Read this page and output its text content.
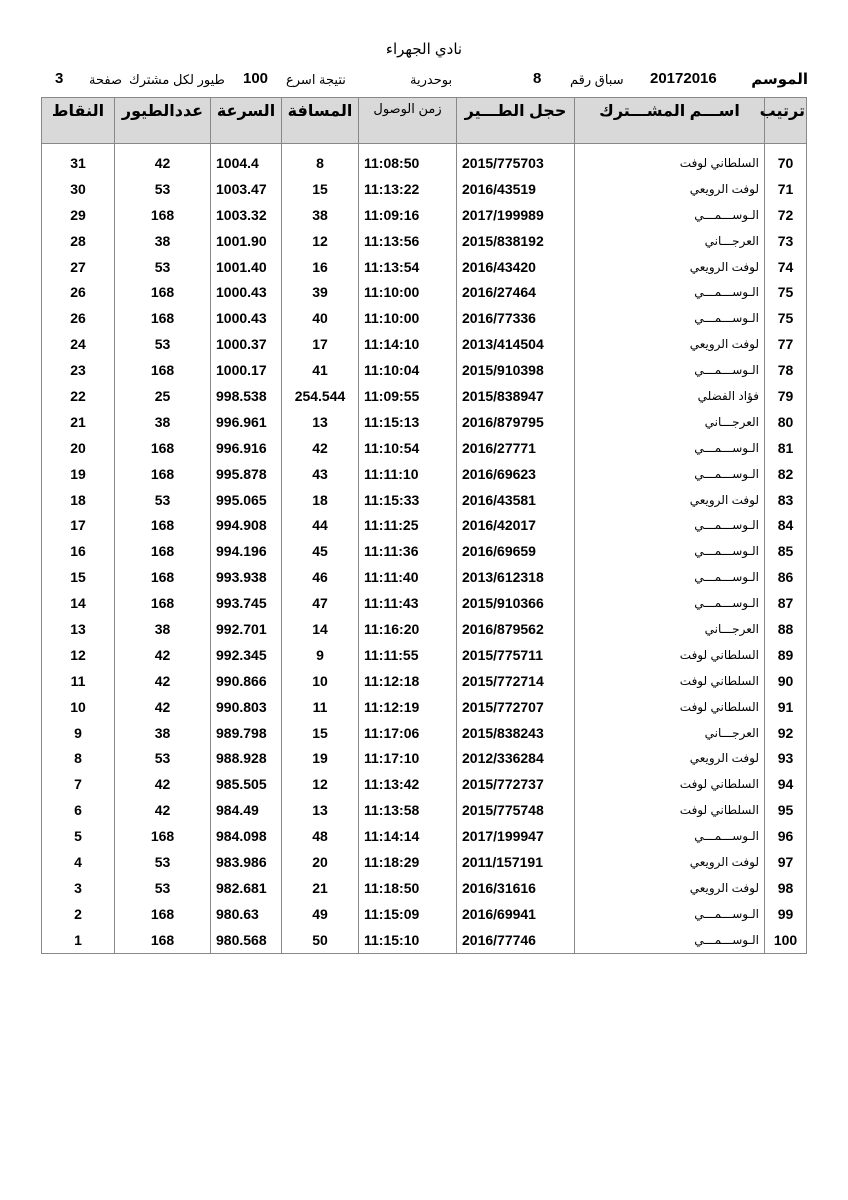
نادي الجهراء
الموسم
20172016
سباق رقم
8
بوحدرية
نتيجة اسرع
100
طيور لكل مشترك
صفحة
3
ترتيب	اســـم المشـــترك	حجل الطـــير	زمن الوصول	المسافة	السرعة	عددالطيور	النقاط
70	السلطاني لوفت	2015/775703	11:08:50	8	1004.4	42	31
71	لوفت الرويعي	2016/43519	11:13:22	15	1003.47	53	30
72	الـوســـمـــي	2017/199989	11:09:16	38	1003.32	168	29
73	العرجـــاني	2015/838192	11:13:56	12	1001.90	38	28
74	لوفت الرويعي	2016/43420	11:13:54	16	1001.40	53	27
75	الـوســـمـــي	2016/27464	11:10:00	39	1000.43	168	26
75	الـوســـمـــي	2016/77336	11:10:00	40	1000.43	168	26
77	لوفت الرويعي	2013/414504	11:14:10	17	1000.37	53	24
78	الـوســـمـــي	2015/910398	11:10:04	41	1000.17	168	23
79	فؤاد الفضلي	2015/838947	11:09:55	254.544	998.538	25	22
80	العرجـــاني	2016/879795	11:15:13	13	996.961	38	21
81	الـوســـمـــي	2016/27771	11:10:54	42	996.916	168	20
82	الـوســـمـــي	2016/69623	11:11:10	43	995.878	168	19
83	لوفت الرويعي	2016/43581	11:15:33	18	995.065	53	18
84	الـوســـمـــي	2016/42017	11:11:25	44	994.908	168	17
85	الـوســـمـــي	2016/69659	11:11:36	45	994.196	168	16
86	الـوســـمـــي	2013/612318	11:11:40	46	993.938	168	15
87	الـوســـمـــي	2015/910366	11:11:43	47	993.745	168	14
88	العرجـــاني	2016/879562	11:16:20	14	992.701	38	13
89	السلطاني لوفت	2015/775711	11:11:55	9	992.345	42	12
90	السلطاني لوفت	2015/772714	11:12:18	10	990.866	42	11
91	السلطاني لوفت	2015/772707	11:12:19	11	990.803	42	10
92	العرجـــاني	2015/838243	11:17:06	15	989.798	38	9
93	لوفت الرويعي	2012/336284	11:17:10	19	988.928	53	8
94	السلطاني لوفت	2015/772737	11:13:42	12	985.505	42	7
95	السلطاني لوفت	2015/775748	11:13:58	13	984.49	42	6
96	الـوســـمـــي	2017/199947	11:14:14	48	984.098	168	5
97	لوفت الرويعي	2011/157191	11:18:29	20	983.986	53	4
98	لوفت الرويعي	2016/31616	11:18:50	21	982.681	53	3
99	الـوســـمـــي	2016/69941	11:15:09	49	980.63	168	2
100	الـوســـمـــي	2016/77746	11:15:10	50	980.568	168	1
